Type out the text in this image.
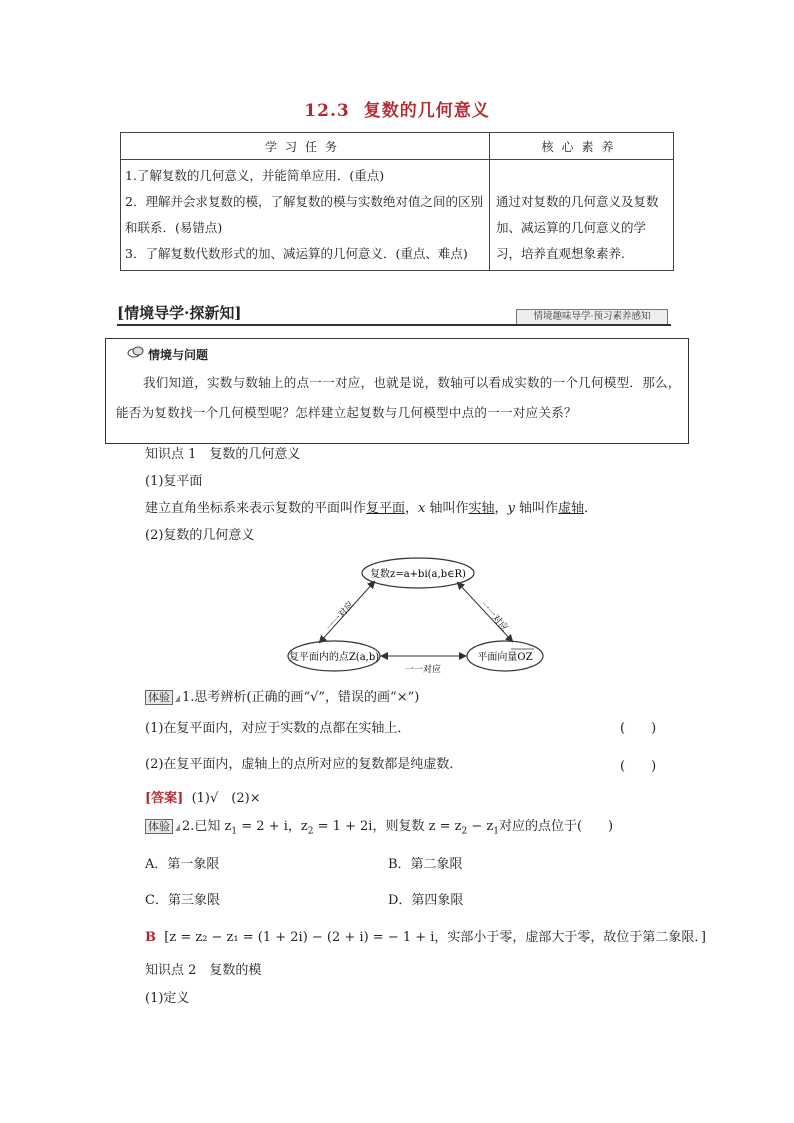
12.3 复数的几何意义
学习任务	核心素养

1.了解复数的几何意义，并能简单应用．(重点)
2．理解并会求复数的模，了解复数的模与实数绝对值之间的区别和联系．(易错点)
3．了解复数代数形式的加、减运算的几何意义．(重点、难点)	通过对复数的几何意义及复数加、减运算的几何意义的学习，培养直观想象素养.
[情境导学·探新知]	情境趣味导学·预习素养感知
情境与问题
我们知道，实数与数轴上的点一一对应，也就是说，数轴可以看成实数的一个几何模型．那么，能否为复数找一个几何模型呢？怎样建立起复数与几何模型中点的一一对应关系？
知识点 1　复数的几何意义
(1)复平面
建立直角坐标系来表示复数的平面叫作复平面，x 轴叫作实轴，y 轴叫作虚轴．
(2)复数的几何意义
复数z=a+bi(a,b∈R)
复平面内的点Z(a,b)	平面向量OZ
一一对应	一一对应
一一对应
体验 1.思考辨析(正确的画“√”，错误的画“×”)
(1)在复平面内，对应于实数的点都在实轴上．	(　　)
(2)在复平面内，虚轴上的点所对应的复数都是纯虚数．	(　　)
[答案] (1)√　(2)×
体验 2.已知 $z_1 = 2 + i$，$z_2 = 1 + 2i$，则复数 $z = z_2 - z_1$对应的点位于(　　)
A．第一象限	B．第二象限
C．第三象限	D．第四象限
B [z = z₂ − z₁ = (1 + 2i) − (2 + i) = − 1 + i，实部小于零，虚部大于零，故位于第二象限．]
知识点 2　复数的模
(1)定义
